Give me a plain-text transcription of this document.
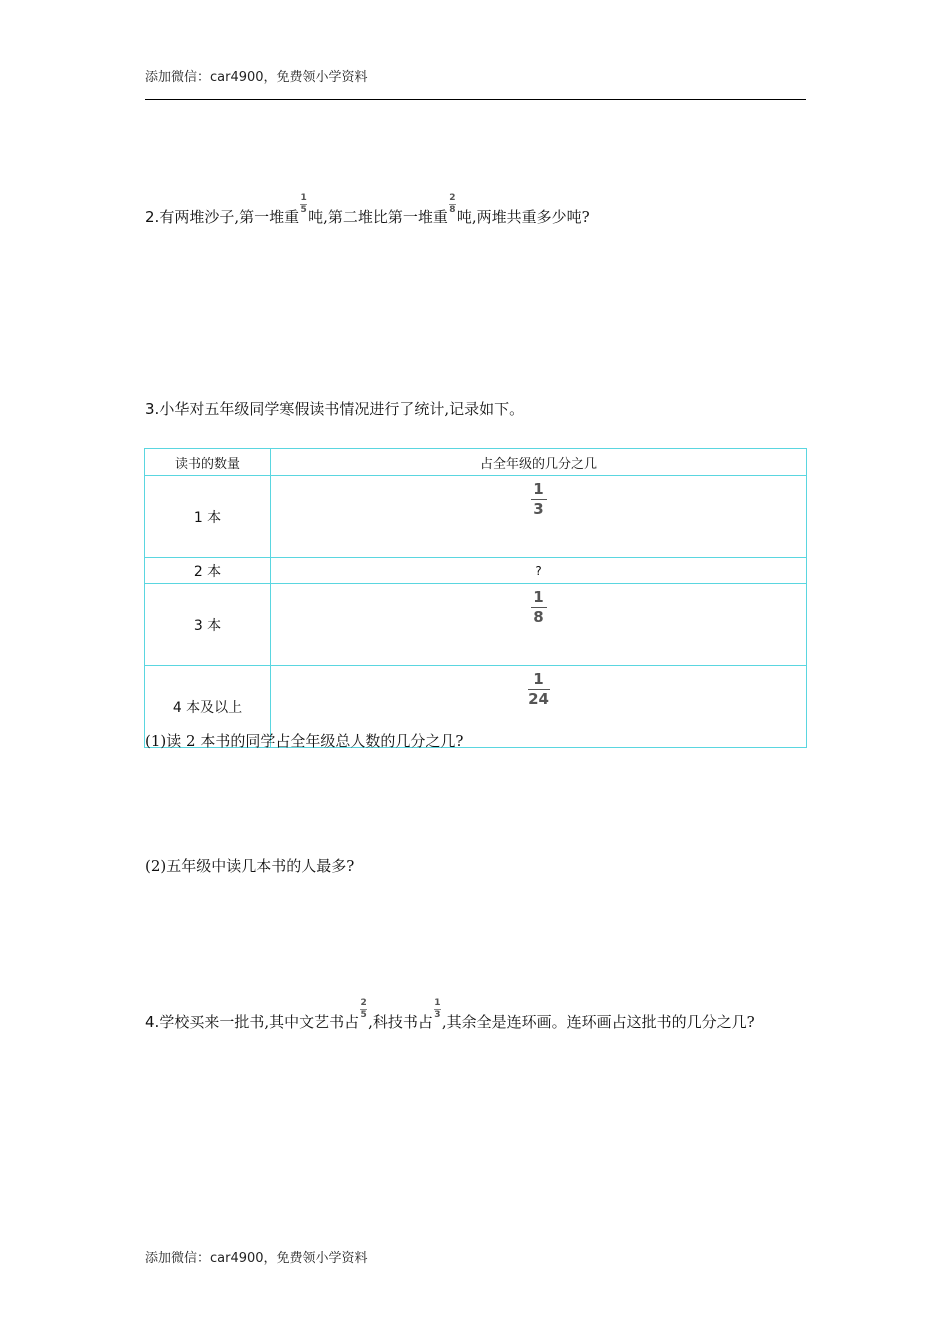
添加微信：car4900，免费领小学资料
2.有两堆沙子,第一堆重
$\frac{1}{5}$
吨,第二堆比第一堆重
$\frac{2}{8}$
吨,两堆共重多少吨?
3.小华对五年级同学寒假读书情况进行了统计,记录如下。
读书的数量	占全年级的几分之几
1 本	$\frac{1}{3}$

2 本	?
3 本	$\frac{1}{8}$

4 本及以上	$\frac{1}{24}$
(1)读 2 本书的同学占全年级总人数的几分之几?
(2)五年级中读几本书的人最多?
4.学校买来一批书,其中文艺书占
$\frac{2}{5}$
,科技书占
$\frac{1}{3}$
,其余全是连环画。连环画占这批书的几分之几?
添加微信：car4900，免费领小学资料
